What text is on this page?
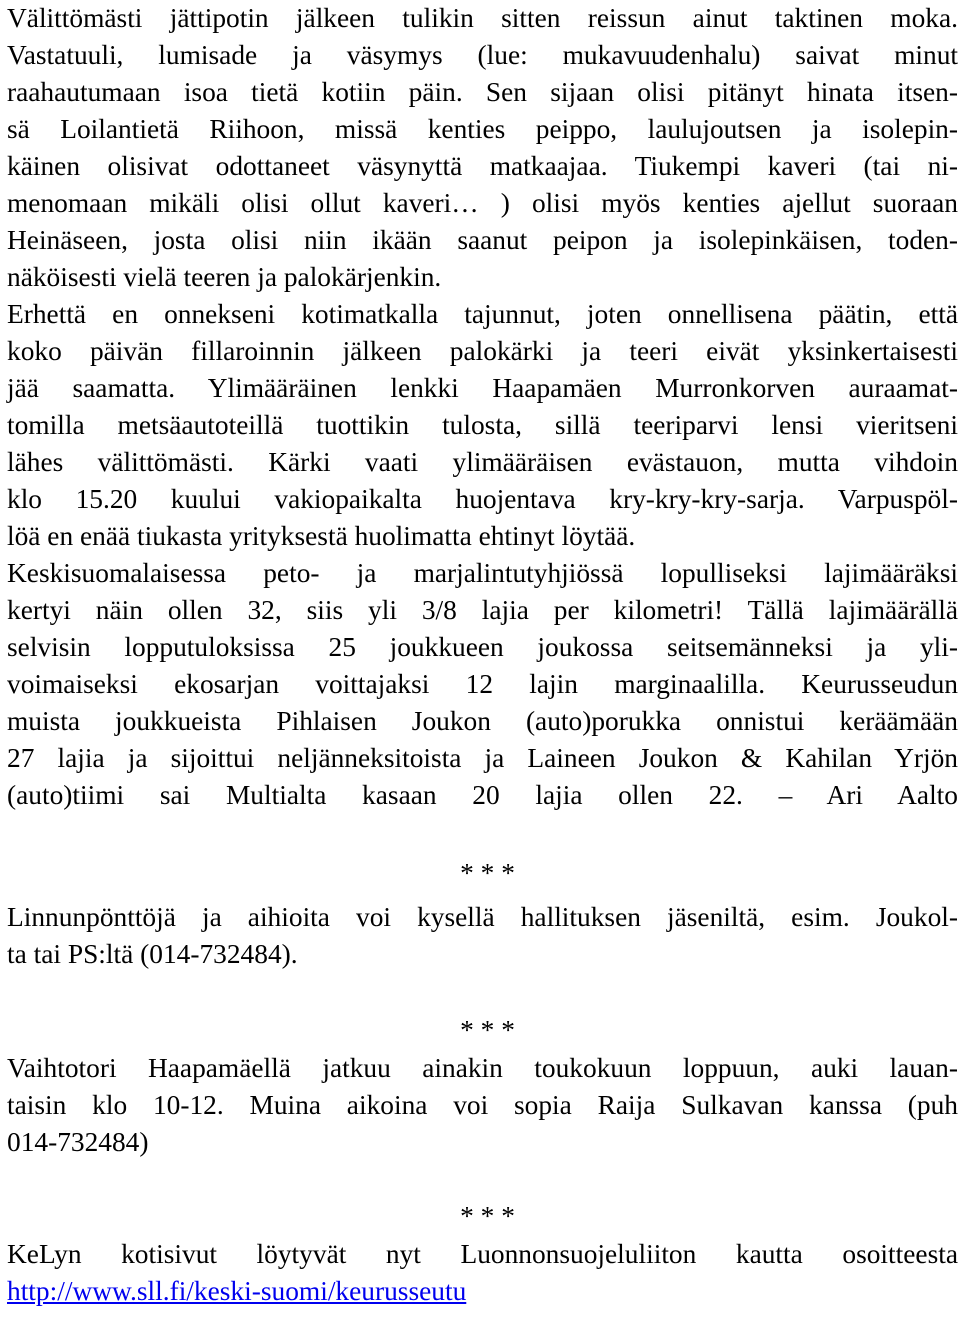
Välittömästi jättipotin jälkeen tulikin sitten reissun ainut taktinen moka.
Vastatuuli, lumisade ja väsymys (lue: mukavuudenhalu) saivat minut
raahautumaan isoa tietä kotiin päin. Sen sijaan olisi pitänyt hinata itsen-
sä Loilantietä Riihoon, missä kenties peippo, laulujoutsen ja isolepin-
käinen olisivat odottaneet väsynyttä matkaajaa. Tiukempi kaveri (tai ni-
menomaan mikäli olisi ollut kaveri… ) olisi myös kenties ajellut suoraan
Heinäseen, josta olisi niin ikään saanut peipon ja isolepinkäisen, toden-
näköisesti vielä teeren ja palokärjenkin.
Erhettä en onnekseni kotimatkalla tajunnut, joten onnellisena päätin, että
koko päivän fillaroinnin jälkeen palokärki ja teeri eivät yksinkertaisesti
jää saamatta. Ylimääräinen lenkki Haapamäen Murronkorven auraamat-
tomilla metsäautoteillä tuottikin tulosta, sillä teeriparvi lensi vieritseni
lähes välittömästi. Kärki vaati ylimääräisen evästauon, mutta vihdoin
klo 15.20 kuului vakiopaikalta huojentava kry-kry-kry-sarja. Varpuspöl-
löä en enää tiukasta yrityksestä huolimatta ehtinyt löytää.
Keskisuomalaisessa peto- ja marjalintutyhjiössä lopulliseksi lajimääräksi
kertyi näin ollen 32, siis yli 3/8 lajia per kilometri! Tällä lajimäärällä
selvisin lopputuloksissa 25 joukkueen joukossa seitsemänneksi ja yli-
voimaiseksi ekosarjan voittajaksi 12 lajin marginaalilla. Keurusseudun
muista joukkueista Pihlaisen Joukon (auto)porukka onnistui keräämään
27 lajia ja sijoittui neljänneksitoista ja Laineen Joukon & Kahilan Yrjön
(auto)tiimi sai Multialta kasaan 20 lajia ollen 22. – Ari Aalto
* * *
Linnunpönttöjä ja aihioita voi kysellä hallituksen jäseniltä, esim. Joukol-
ta tai PS:ltä (014-732484).
* * *
Vaihtotori Haapamäellä jatkuu ainakin toukokuun loppuun, auki lauan-
taisin klo 10-12. Muina aikoina voi sopia Raija Sulkavan kanssa (puh
014-732484)
* * *
KeLyn kotisivut löytyvät nyt Luonnonsuojeluliiton kautta osoitteesta
http://www.sll.fi/keski-suomi/keurusseutu
